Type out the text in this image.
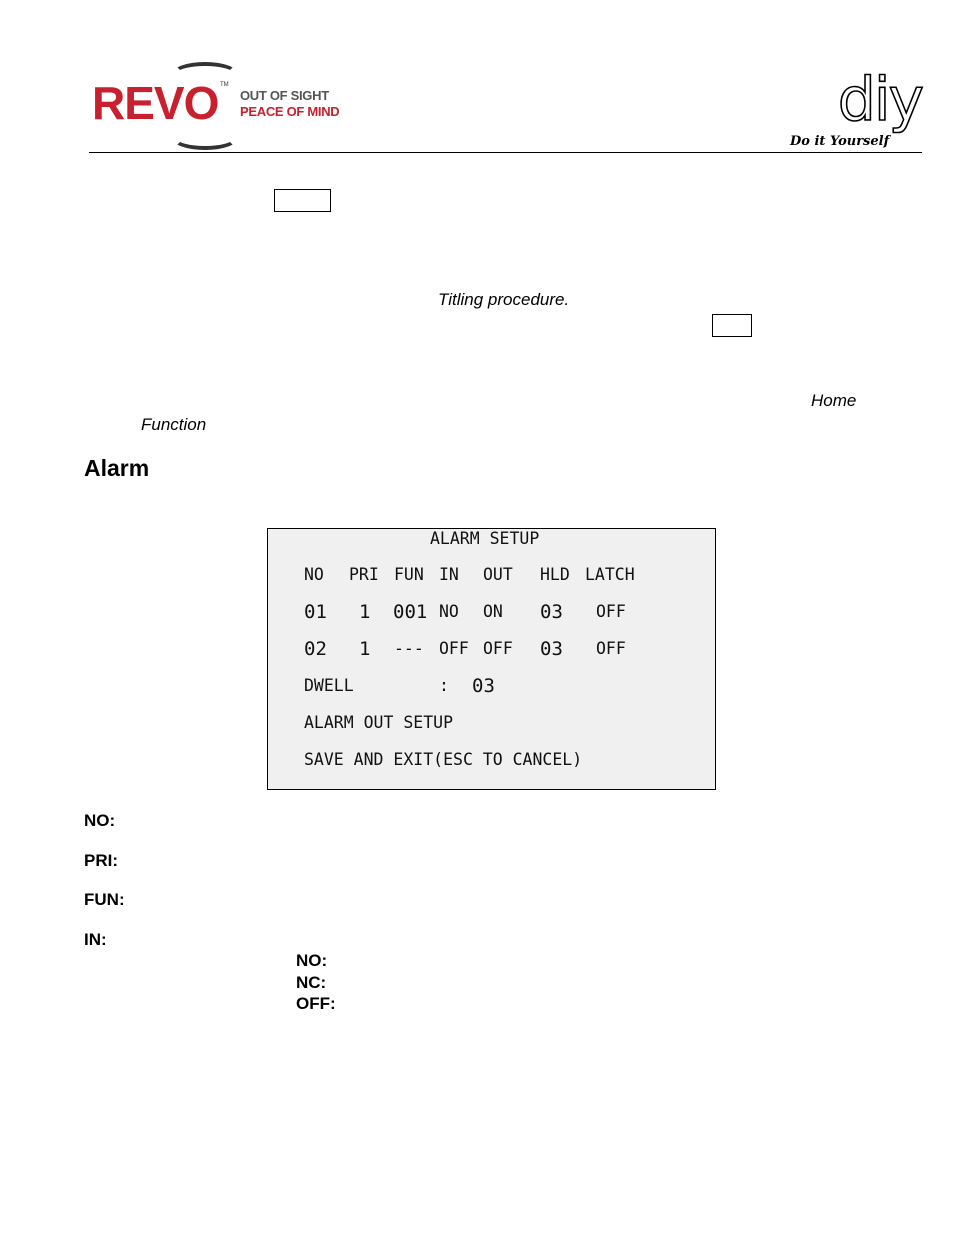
REVO TM
OUT OF SIGHT
PEACE OF MIND	diy
Do it Yourself
Titling procedure.
Home
Function
Alarm
ALARM SETUP
NO PRI FUN IN OUT HLD LATCH
01 1 001 NO ON 03 OFF
02 1 --- OFF OFF 03 OFF
DWELL	: 03
ALARM OUT SETUP
SAVE AND EXIT(ESC TO CANCEL)
NO:
PRI:
FUN:
IN:
NO:
NC:
OFF:
